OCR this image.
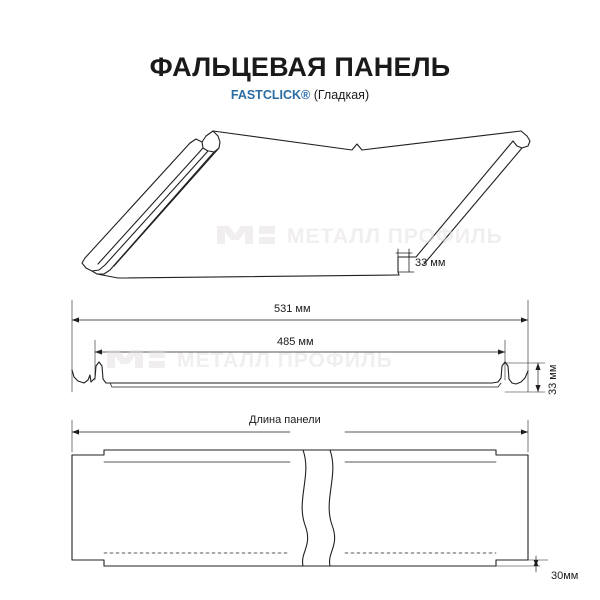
ФАЛЬЦЕВАЯ ПАНЕЛЬ
FASTCLICK® (Гладкая)
МЕТАЛЛ ПРОФИЛЬ
МЕТАЛЛ ПРОФИЛЬ
33 мм
531 мм
485 мм
33 мм
Длина панели
30мм
